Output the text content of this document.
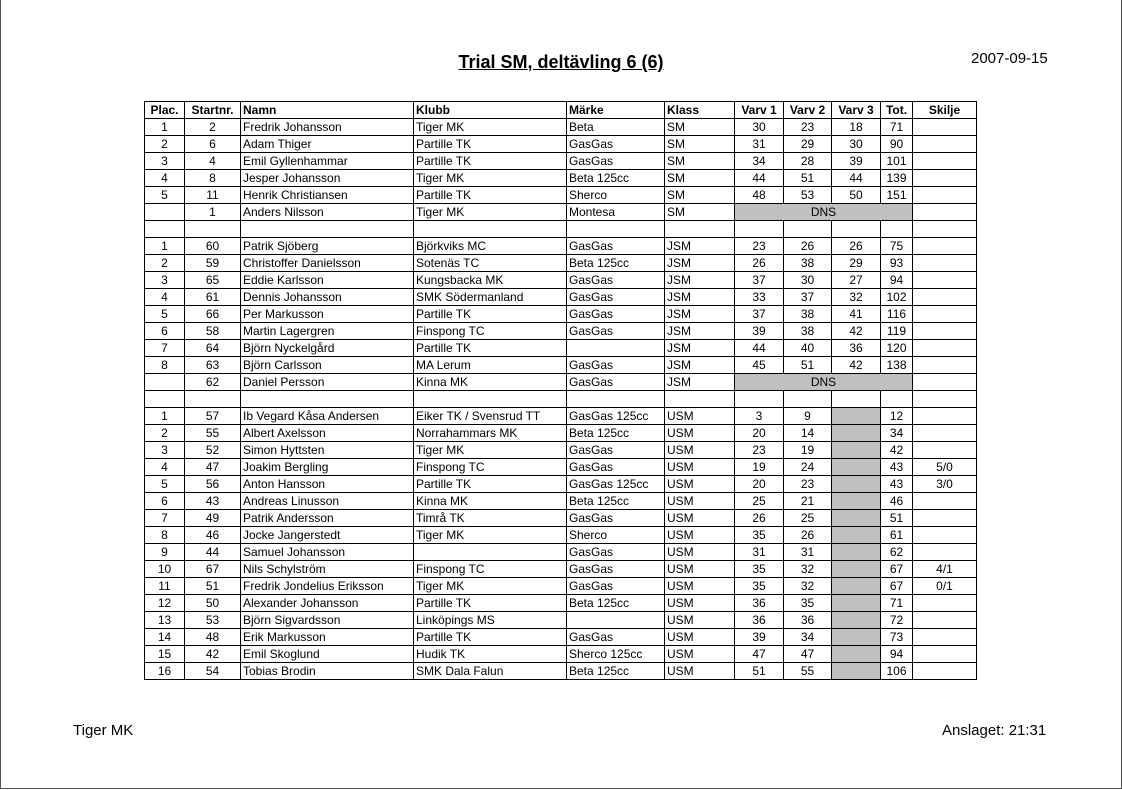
Trial SM, deltävling 6 (6)	2007-09-15
Plac.	Startnr.	Namn	Klubb	Märke	Klass	Varv 1	Varv 2	Varv 3	Tot.	Skilje
1	2	Fredrik Johansson	Tiger MK	Beta	SM	30	23	18	71	
2	6	Adam Thiger	Partille TK	GasGas	SM	31	29	30	90	
3	4	Emil Gyllenhammar	Partille TK	GasGas	SM	34	28	39	101	
4	8	Jesper Johansson	Tiger MK	Beta 125cc	SM	44	51	44	139	
5	11	Henrik Christiansen	Partille TK	Sherco	SM	48	53	50	151	
	1	Anders Nilsson	Tiger MK	Montesa	SM	DNS				

1	60	Patrik Sjöberg	Björkviks MC	GasGas	JSM	23	26	26	75	
2	59	Christoffer Danielsson	Sotenäs TC	Beta 125cc	JSM	26	38	29	93	
3	65	Eddie Karlsson	Kungsbacka MK	GasGas	JSM	37	30	27	94	
4	61	Dennis Johansson	SMK Södermanland	GasGas	JSM	33	37	32	102	
5	66	Per Markusson	Partille TK	GasGas	JSM	37	38	41	116	
6	58	Martin Lagergren	Finspong TC	GasGas	JSM	39	38	42	119	
7	64	Björn Nyckelgård	Partille TK		JSM	44	40	36	120	
8	63	Björn Carlsson	MA Lerum	GasGas	JSM	45	51	42	138	
	62	Daniel Persson	Kinna MK	GasGas	JSM	DNS				

1	57	Ib Vegard Kåsa Andersen	Eiker TK / Svensrud TT	GasGas 125cc	USM	3	9		12	
2	55	Albert Axelsson	Norrahammars MK	Beta 125cc	USM	20	14		34	
3	52	Simon Hyttsten	Tiger MK	GasGas	USM	23	19		42	
4	47	Joakim Bergling	Finspong TC	GasGas	USM	19	24		43	5/0
5	56	Anton Hansson	Partille TK	GasGas 125cc	USM	20	23		43	3/0
6	43	Andreas Linusson	Kinna MK	Beta 125cc	USM	25	21		46	
7	49	Patrik Andersson	Timrå TK	GasGas	USM	26	25		51	
8	46	Jocke Jangerstedt	Tiger MK	Sherco	USM	35	26		61	
9	44	Samuel Johansson		GasGas	USM	31	31		62	
10	67	Nils Schylström	Finspong TC	GasGas	USM	35	32		67	4/1
11	51	Fredrik Jondelius Eriksson	Tiger MK	GasGas	USM	35	32		67	0/1
12	50	Alexander Johansson	Partille TK	Beta 125cc	USM	36	35		71	
13	53	Björn Sigvardsson	Linköpings MS		USM	36	36		72	
14	48	Erik Markusson	Partille TK	GasGas	USM	39	34		73	
15	42	Emil Skoglund	Hudik TK	Sherco 125cc	USM	47	47		94	
16	54	Tobias Brodin	SMK Dala Falun	Beta 125cc	USM	51	55		106	
Tiger MK	Anslaget: 21:31
